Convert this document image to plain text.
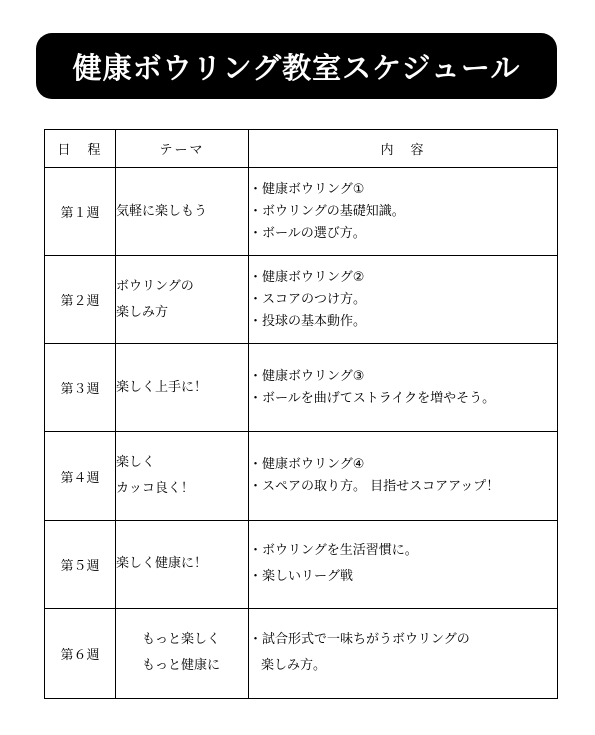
健康ボウリング教室スケジュール
日　程	テーマ	内　容
第１週	気軽に楽しもう	・健康ボウリング①
・ボウリングの基礎知識。
・ボールの選び方。

第２週	ボウリングの
楽しみ方	・健康ボウリング②
・スコアのつけ方。
・投球の基本動作。

第３週	楽しく上手に！	・健康ボウリング③
・ボールを曲げてストライクを増やそう。

第４週	楽しく
カッコ良く！	・健康ボウリング④
・スペアの取り方。 目指せスコアアップ！

第５週	楽しく健康に！	・ボウリングを生活習慣に。
・楽しいリーグ戦

第６週	もっと楽しく
もっと健康に	・試合形式で一味ちがうボウリングの
楽しみ方。
